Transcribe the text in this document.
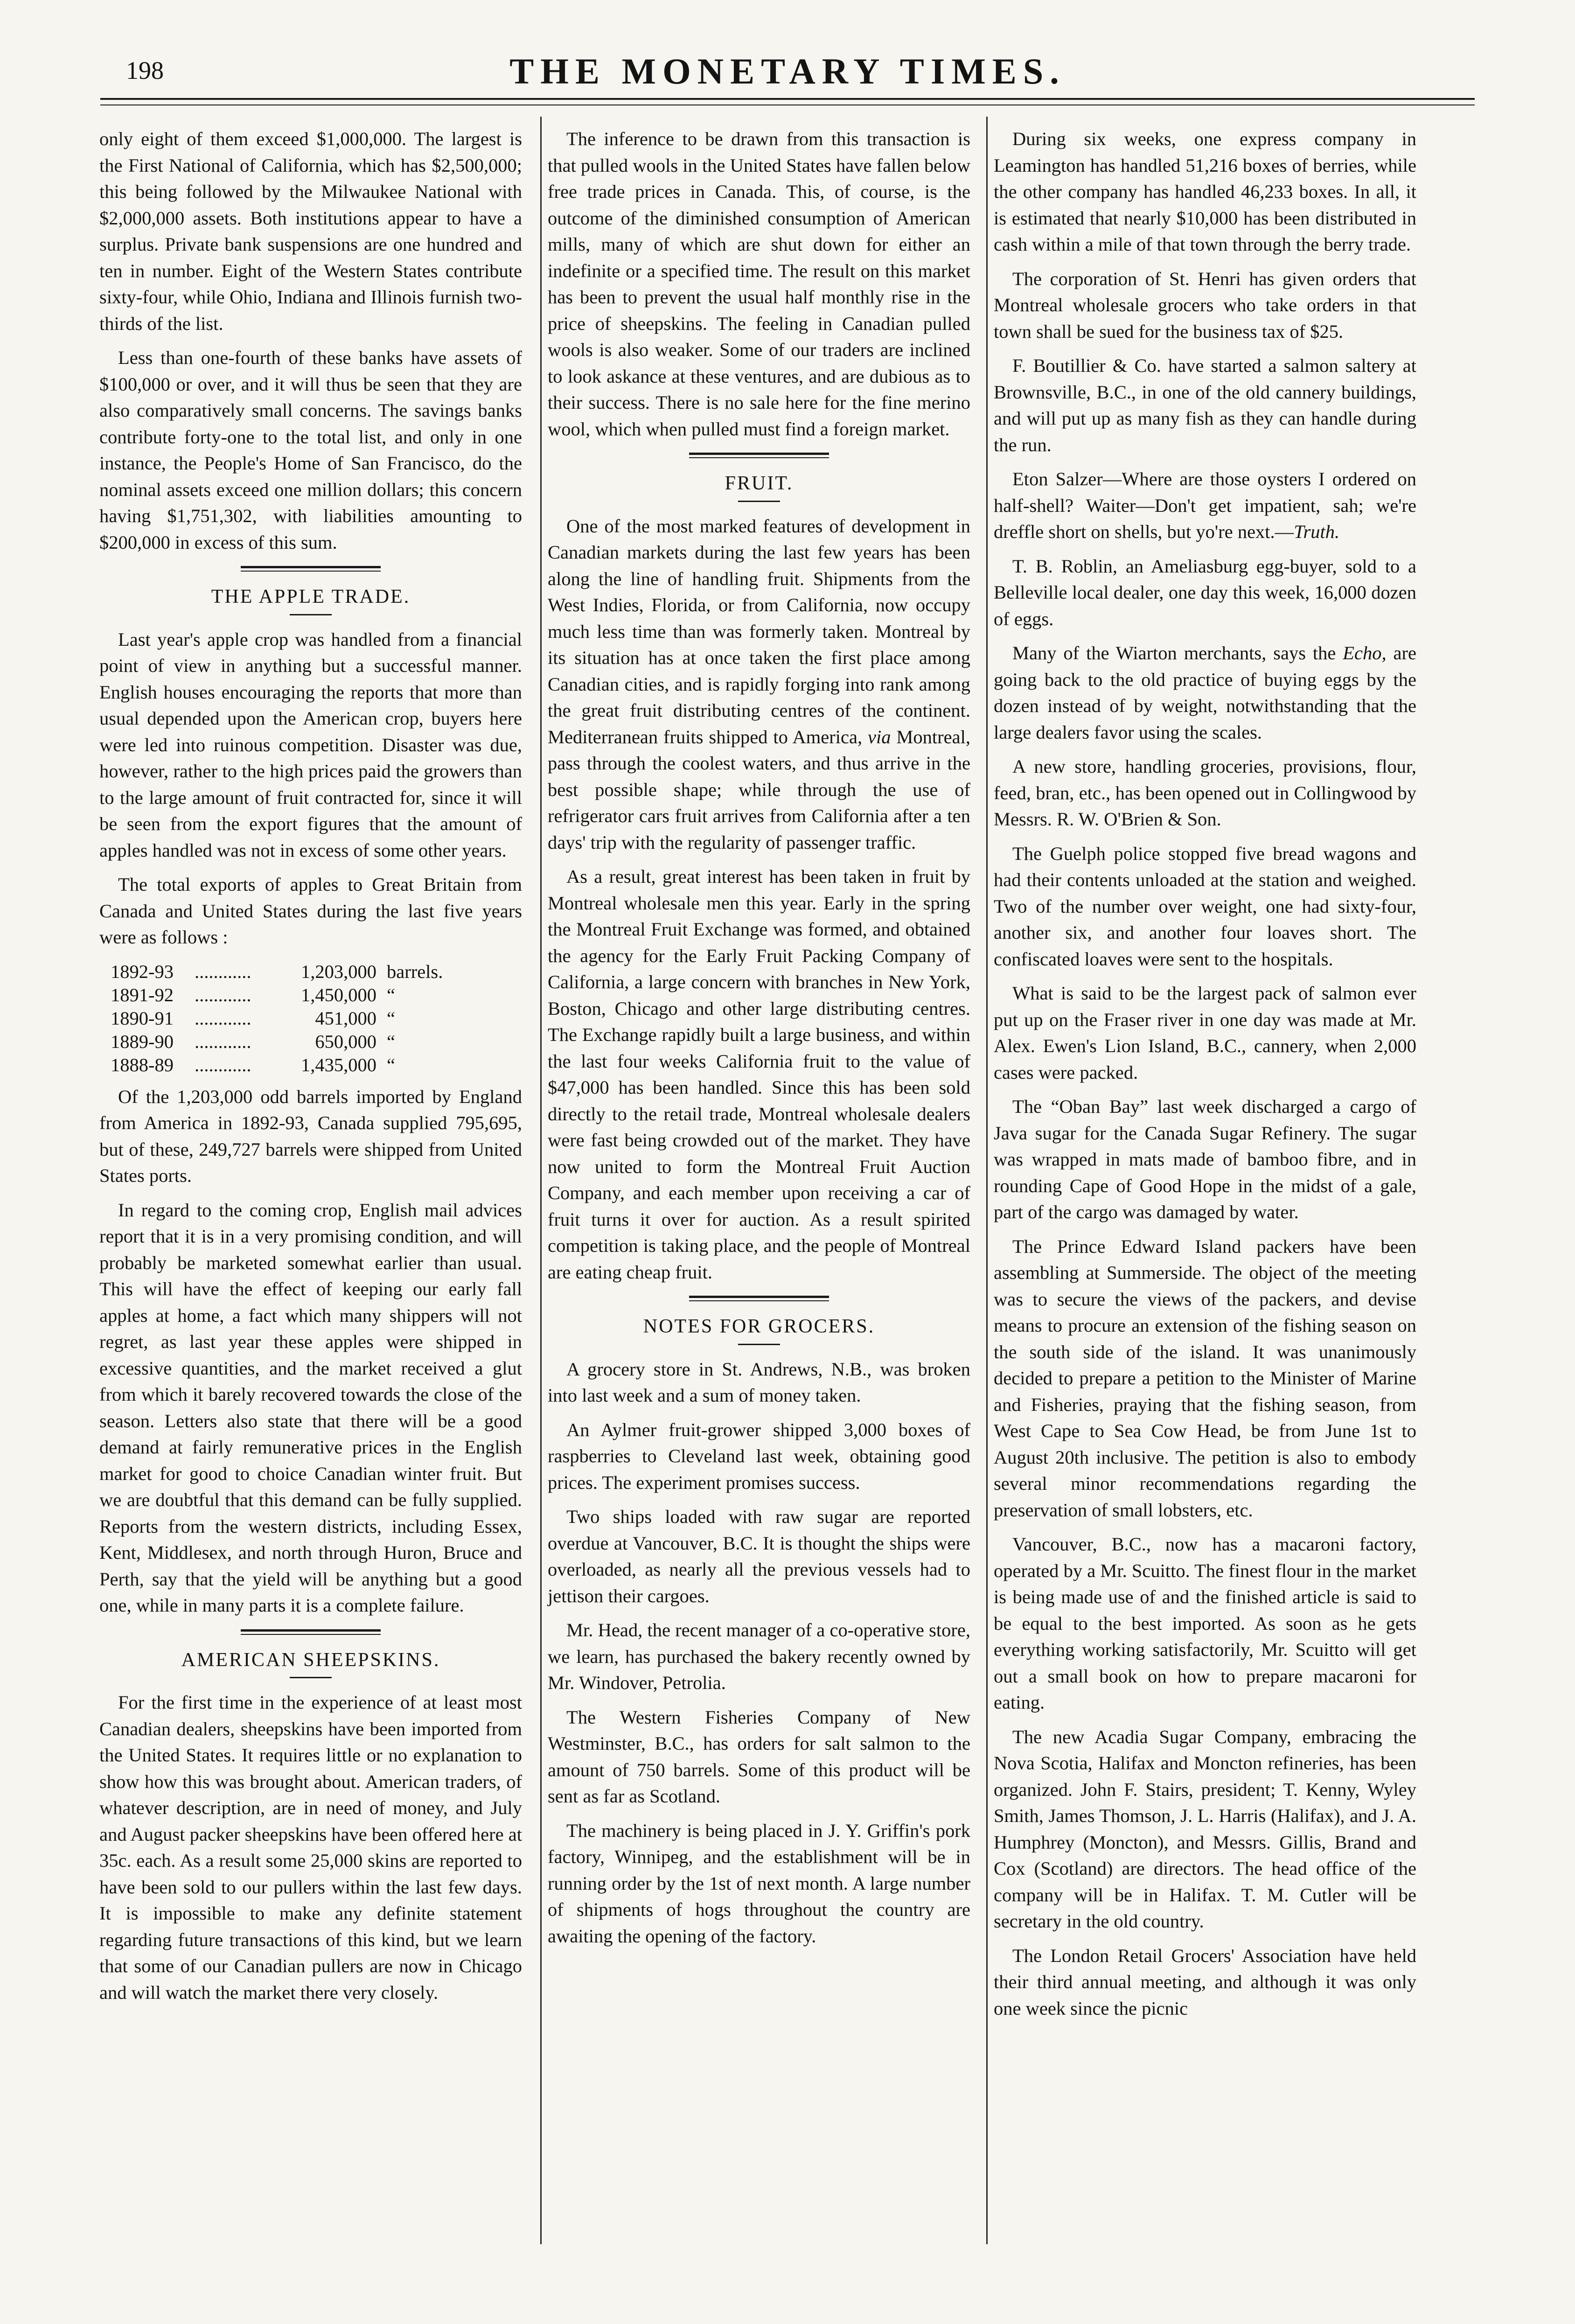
198	THE MONETARY TIMES.

only eight of them exceed $1,000,000. The largest is the First National of California, which has $2,500,000; this being followed by the Milwaukee National with $2,000,000 assets. Both institutions appear to have a surplus. Private bank suspensions are one hundred and ten in number. Eight of the Western States contribute sixty-four, while Ohio, Indiana and Illinois furnish two-thirds of the list.

Less than one-fourth of these banks have assets of $100,000 or over, and it will thus be seen that they are also comparatively small concerns. The savings banks contribute forty-one to the total list, and only in one instance, the People's Home of San Francisco, do the nominal assets exceed one million dollars; this concern having $1,751,302, with liabilities amounting to $200,000 in excess of this sum.

THE APPLE TRADE.

Last year's apple crop was handled from a financial point of view in anything but a successful manner. English houses encouraging the reports that more than usual depended upon the American crop, buyers here were led into ruinous competition. Disaster was due, however, rather to the high prices paid the growers than to the large amount of fruit contracted for, since it will be seen from the export figures that the amount of apples handled was not in excess of some other years.

The total exports of apples to Great Britain from Canada and United States during the last five years were as follows :

1892-93	............	1,203,000 barrels.
1891-92	............	1,450,000 “
1890-91	............	451,000 “
1889-90	............	650,000 “
1888-89	............	1,435,000 “

Of the 1,203,000 odd barrels imported by England from America in 1892-93, Canada supplied 795,695, but of these, 249,727 barrels were shipped from United States ports.

In regard to the coming crop, English mail advices report that it is in a very promising condition, and will probably be marketed somewhat earlier than usual. This will have the effect of keeping our early fall apples at home, a fact which many shippers will not regret, as last year these apples were shipped in excessive quantities, and the market received a glut from which it barely recovered towards the close of the season. Letters also state that there will be a good demand at fairly remunerative prices in the English market for good to choice Canadian winter fruit. But we are doubtful that this demand can be fully supplied. Reports from the western districts, including Essex, Kent, Middlesex, and north through Huron, Bruce and Perth, say that the yield will be anything but a good one, while in many parts it is a complete failure.

AMERICAN SHEEPSKINS.

For the first time in the experience of at least most Canadian dealers, sheepskins have been imported from the United States. It requires little or no explanation to show how this was brought about. American traders, of whatever description, are in need of money, and July and August packer sheepskins have been offered here at 35c. each. As a result some 25,000 skins are reported to have been sold to our pullers within the last few days. It is impossible to make any definite statement regarding future transactions of this kind, but we learn that some of our Canadian pullers are now in Chicago and will watch the market there very closely.

The inference to be drawn from this transaction is that pulled wools in the United States have fallen below free trade prices in Canada. This, of course, is the outcome of the diminished consumption of American mills, many of which are shut down for either an indefinite or a specified time. The result on this market has been to prevent the usual half monthly rise in the price of sheepskins. The feeling in Canadian pulled wools is also weaker. Some of our traders are inclined to look askance at these ventures, and are dubious as to their success. There is no sale here for the fine merino wool, which when pulled must find a foreign market.

FRUIT.

One of the most marked features of development in Canadian markets during the last few years has been along the line of handling fruit. Shipments from the West Indies, Florida, or from California, now occupy much less time than was formerly taken. Montreal by its situation has at once taken the first place among Canadian cities, and is rapidly forging into rank among the great fruit distributing centres of the continent. Mediterranean fruits shipped to America, via Montreal, pass through the coolest waters, and thus arrive in the best possible shape; while through the use of refrigerator cars fruit arrives from California after a ten days' trip with the regularity of passenger traffic.

As a result, great interest has been taken in fruit by Montreal wholesale men this year. Early in the spring the Montreal Fruit Exchange was formed, and obtained the agency for the Early Fruit Packing Company of California, a large concern with branches in New York, Boston, Chicago and other large distributing centres. The Exchange rapidly built a large business, and within the last four weeks California fruit to the value of $47,000 has been handled. Since this has been sold directly to the retail trade, Montreal wholesale dealers were fast being crowded out of the market. They have now united to form the Montreal Fruit Auction Company, and each member upon receiving a car of fruit turns it over for auction. As a result spirited competition is taking place, and the people of Montreal are eating cheap fruit.

NOTES FOR GROCERS.

A grocery store in St. Andrews, N.B., was broken into last week and a sum of money taken.

An Aylmer fruit-grower shipped 3,000 boxes of raspberries to Cleveland last week, obtaining good prices. The experiment promises success.

Two ships loaded with raw sugar are reported overdue at Vancouver, B.C. It is thought the ships were overloaded, as nearly all the previous vessels had to jettison their cargoes.

Mr. Head, the recent manager of a co-operative store, we learn, has purchased the bakery recently owned by Mr. Windover, Petrolia.

The Western Fisheries Company of New Westminster, B.C., has orders for salt salmon to the amount of 750 barrels. Some of this product will be sent as far as Scotland.

The machinery is being placed in J. Y. Griffin's pork factory, Winnipeg, and the establishment will be in running order by the 1st of next month. A large number of shipments of hogs throughout the country are awaiting the opening of the factory.

During six weeks, one express company in Leamington has handled 51,216 boxes of berries, while the other company has handled 46,233 boxes. In all, it is estimated that nearly $10,000 has been distributed in cash within a mile of that town through the berry trade.

The corporation of St. Henri has given orders that Montreal wholesale grocers who take orders in that town shall be sued for the business tax of $25.

F. Boutillier & Co. have started a salmon saltery at Brownsville, B.C., in one of the old cannery buildings, and will put up as many fish as they can handle during the run.

Eton Salzer—Where are those oysters I ordered on half-shell? Waiter—Don't get impatient, sah; we're dreffle short on shells, but yo're next.—Truth.

T. B. Roblin, an Ameliasburg egg-buyer, sold to a Belleville local dealer, one day this week, 16,000 dozen of eggs.

Many of the Wiarton merchants, says the Echo, are going back to the old practice of buying eggs by the dozen instead of by weight, notwithstanding that the large dealers favor using the scales.

A new store, handling groceries, provisions, flour, feed, bran, etc., has been opened out in Collingwood by Messrs. R. W. O'Brien & Son.

The Guelph police stopped five bread wagons and had their contents unloaded at the station and weighed. Two of the number over weight, one had sixty-four, another six, and another four loaves short. The confiscated loaves were sent to the hospitals.

What is said to be the largest pack of salmon ever put up on the Fraser river in one day was made at Mr. Alex. Ewen's Lion Island, B.C., cannery, when 2,000 cases were packed.

The “Oban Bay” last week discharged a cargo of Java sugar for the Canada Sugar Refinery. The sugar was wrapped in mats made of bamboo fibre, and in rounding Cape of Good Hope in the midst of a gale, part of the cargo was damaged by water.

The Prince Edward Island packers have been assembling at Summerside. The object of the meeting was to secure the views of the packers, and devise means to procure an extension of the fishing season on the south side of the island. It was unanimously decided to prepare a petition to the Minister of Marine and Fisheries, praying that the fishing season, from West Cape to Sea Cow Head, be from June 1st to August 20th inclusive. The petition is also to embody several minor recommendations regarding the preservation of small lobsters, etc.

Vancouver, B.C., now has a macaroni factory, operated by a Mr. Scuitto. The finest flour in the market is being made use of and the finished article is said to be equal to the best imported. As soon as he gets everything working satisfactorily, Mr. Scuitto will get out a small book on how to prepare macaroni for eating.

The new Acadia Sugar Company, embracing the Nova Scotia, Halifax and Moncton refineries, has been organized. John F. Stairs, president; T. Kenny, Wyley Smith, James Thomson, J. L. Harris (Halifax), and J. A. Humphrey (Moncton), and Messrs. Gillis, Brand and Cox (Scotland) are directors. The head office of the company will be in Halifax. T. M. Cutler will be secretary in the old country.

The London Retail Grocers' Association have held their third annual meeting, and although it was only one week since the picnic
